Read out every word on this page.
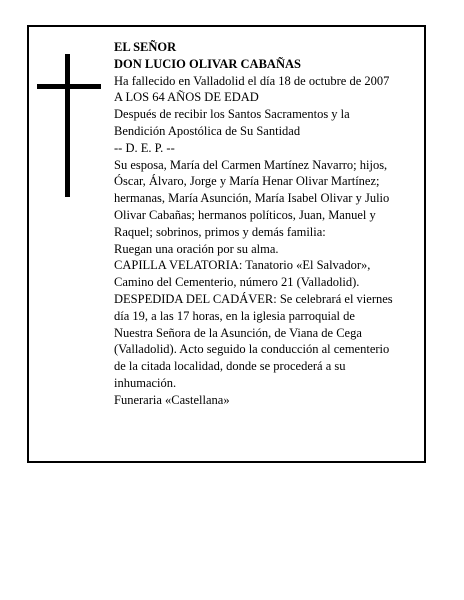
EL SEÑOR
DON LUCIO OLIVAR CABAÑAS
Ha fallecido en Valladolid el día 18 de octubre de 2007
A LOS 64 AÑOS DE EDAD
Después de recibir los Santos Sacramentos y la
Bendición Apostólica de Su Santidad
-- D. E. P. --
Su esposa, María del Carmen Martínez Navarro; hijos,
Óscar, Álvaro, Jorge y María Henar Olivar Martínez;
hermanas, María Asunción, María Isabel Olivar y Julio
Olivar Cabañas; hermanos políticos, Juan, Manuel y
Raquel; sobrinos, primos y demás familia:
Ruegan una oración por su alma.
CAPILLA VELATORIA: Tanatorio «El Salvador»,
Camino del Cementerio, número 21 (Valladolid).
DESPEDIDA DEL CADÁVER: Se celebrará el viernes
día 19, a las 17 horas, en la iglesia parroquial de
Nuestra Señora de la Asunción, de Viana de Cega
(Valladolid). Acto seguido la conducción al cementerio
de la citada localidad, donde se procederá a su
inhumación.
Funeraria «Castellana»
